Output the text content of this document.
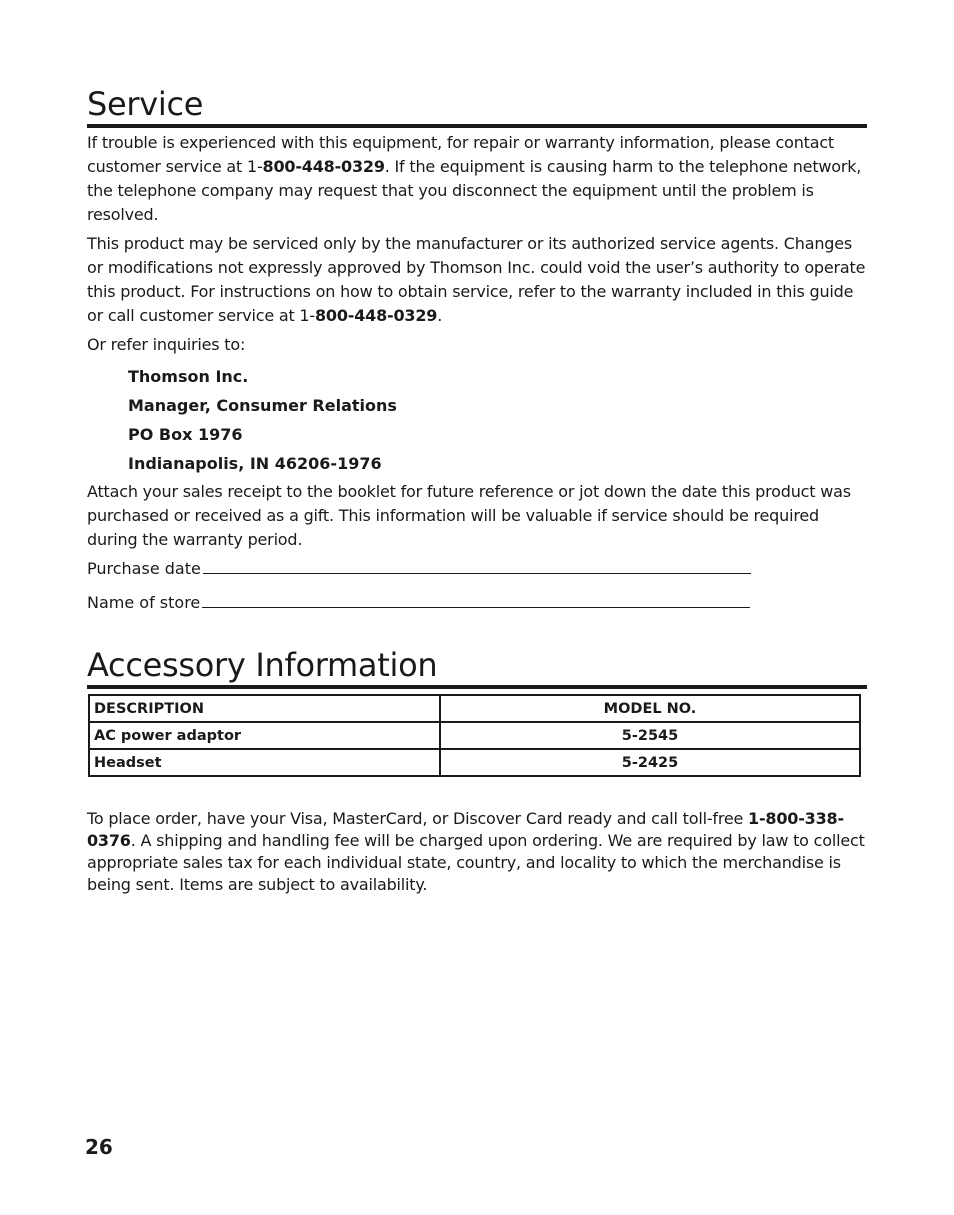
Service

If trouble is experienced with this equipment, for repair or warranty information, please contact customer service at 1-800-448-0329. If the equipment is causing harm to the telephone network, the telephone company may request that you disconnect the equipment until the problem is resolved.

This product may be serviced only by the manufacturer or its authorized service agents. Changes or modifications not expressly approved by Thomson Inc. could void the user’s authority to operate this product. For instructions on how to obtain service, refer to the warranty included in this guide or call customer service at 1-800-448-0329.

Or refer inquiries to:

Thomson Inc.
Manager, Consumer Relations
PO Box 1976
Indianapolis, IN 46206-1976

Attach your sales receipt to the booklet for future reference or jot down the date this product was purchased or received as a gift. This information will be valuable if service should be required during the warranty period.

Purchase date
Name of store
Accessory Information
DESCRIPTION	MODEL NO.
AC power adaptor	5-2545
Headset	5-2425

To place order, have your Visa, MasterCard, or Discover Card ready and call toll-free 1-800-338-0376. A shipping and handling fee will be charged upon ordering. We are required by law to collect appropriate sales tax for each individual state, country, and locality to which the merchandise is being sent. Items are subject to availability.

26
